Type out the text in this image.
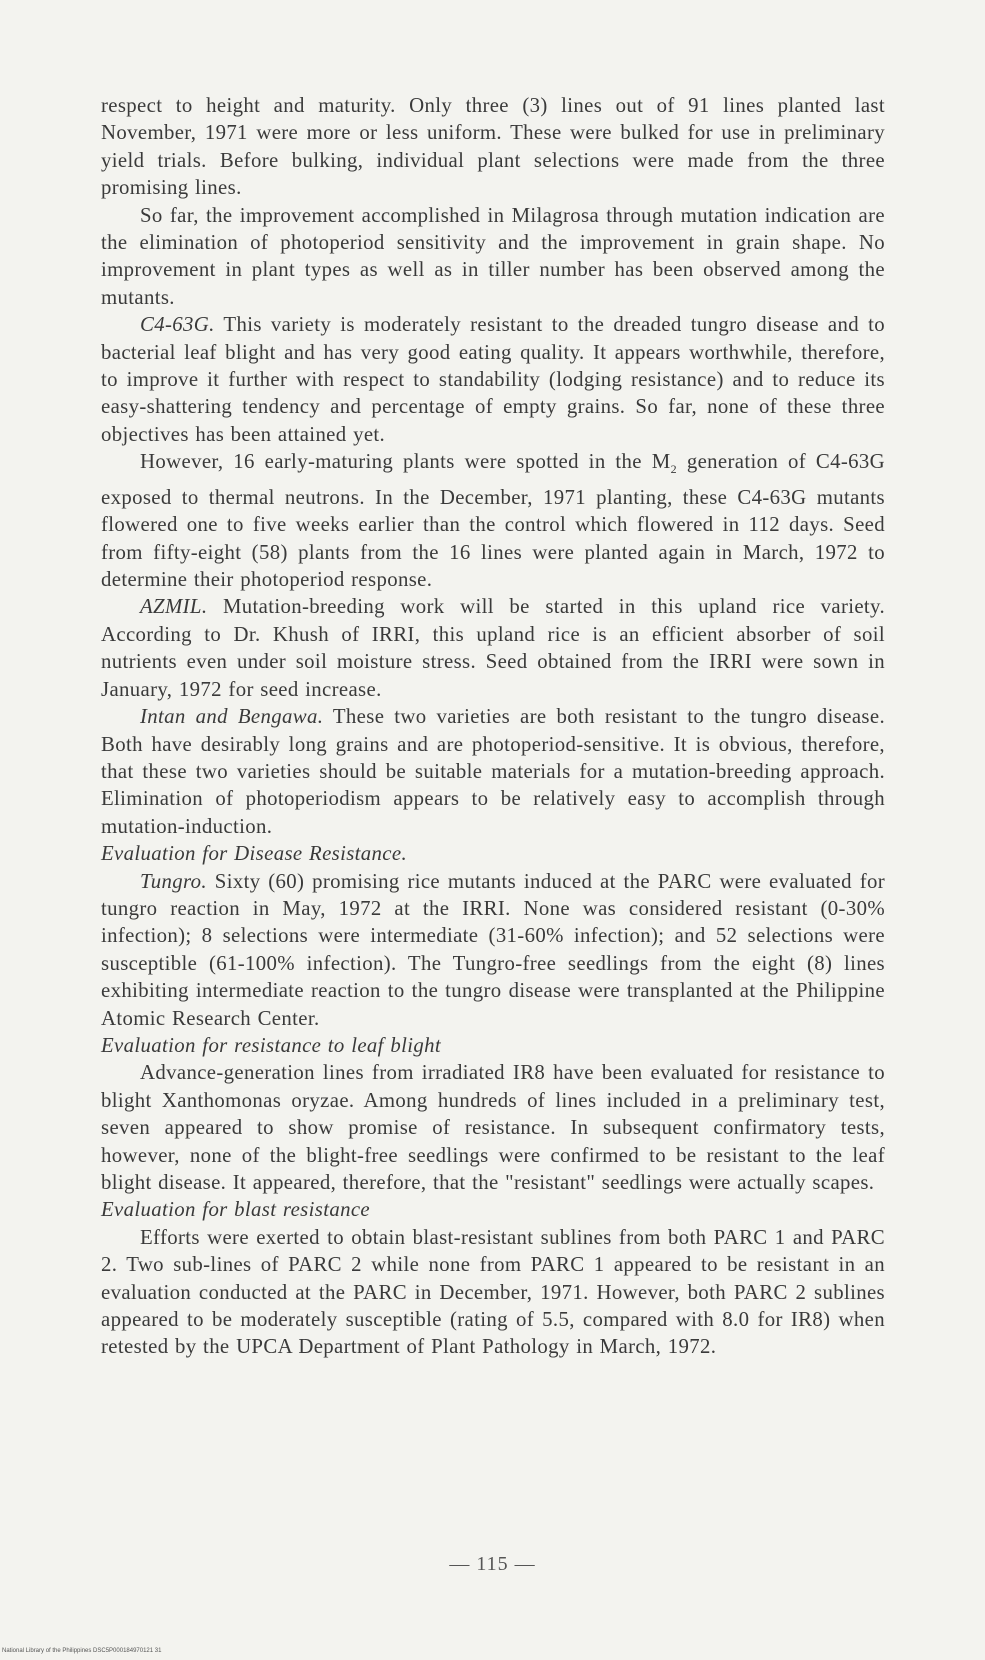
respect to height and maturity. Only three (3) lines out of 91 lines planted last November, 1971 were more or less uniform. These were bulked for use in preliminary yield trials. Before bulking, individual plant selections were made from the three promising lines.

So far, the improvement accomplished in Milagrosa through mutation indication are the elimination of photoperiod sensitivity and the improvement in grain shape. No improvement in plant types as well as in tiller number has been observed among the mutants.

C4-63G. This variety is moderately resistant to the dreaded tungro disease and to bacterial leaf blight and has very good eating quality. It appears worthwhile, therefore, to improve it further with respect to standability (lodging resistance) and to reduce its easy-shattering tendency and percentage of empty grains. So far, none of these three objectives has been attained yet.

However, 16 early-maturing plants were spotted in the $M_2$ generation of C4-63G exposed to thermal neutrons. In the December, 1971 planting, these C4-63G mutants flowered one to five weeks earlier than the control which flowered in 112 days. Seed from fifty-eight (58) plants from the 16 lines were planted again in March, 1972 to determine their photoperiod response.

AZMIL. Mutation-breeding work will be started in this upland rice variety. According to Dr. Khush of IRRI, this upland rice is an efficient absorber of soil nutrients even under soil moisture stress. Seed obtained from the IRRI were sown in January, 1972 for seed increase.

Intan and Bengawa. These two varieties are both resistant to the tungro disease. Both have desirably long grains and are photoperiod-sensitive. It is obvious, therefore, that these two varieties should be suitable materials for a mutation-breeding approach. Elimination of photoperiodism appears to be relatively easy to accomplish through mutation-induction.

Evaluation for Disease Resistance.

Tungro. Sixty (60) promising rice mutants induced at the PARC were evaluated for tungro reaction in May, 1972 at the IRRI. None was considered resistant (0-30% infection); 8 selections were intermediate (31-60% infection); and 52 selections were susceptible (61-100% infection). The Tungro-free seedlings from the eight (8) lines exhibiting intermediate reaction to the tungro disease were transplanted at the Philippine Atomic Research Center.

Evaluation for resistance to leaf blight

Advance-generation lines from irradiated IR8 have been evaluated for resistance to blight Xanthomonas oryzae. Among hundreds of lines included in a preliminary test, seven appeared to show promise of resistance. In subsequent confirmatory tests, however, none of the blight-free seedlings were confirmed to be resistant to the leaf blight disease. It appeared, therefore, that the "resistant" seedlings were actually scapes.

Evaluation for blast resistance

Efforts were exerted to obtain blast-resistant sublines from both PARC 1 and PARC 2. Two sub-lines of PARC 2 while none from PARC 1 appeared to be resistant in an evaluation conducted at the PARC in December, 1971. However, both PARC 2 sublines appeared to be moderately susceptible (rating of 5.5, compared with 8.0 for IR8) when retested by the UPCA Department of Plant Pathology in March, 1972.

— 115 —
National Library of the Philippines DSC5P000184970121 31
